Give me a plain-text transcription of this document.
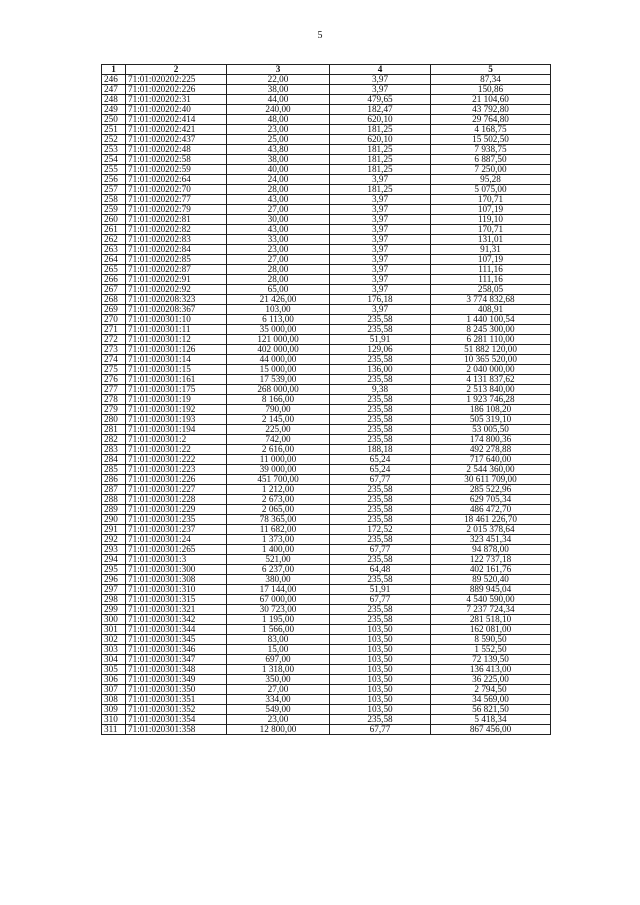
5
1	2	3	4	5
246	71:01:020202:225	22,00	3,97	87,34
247	71:01:020202:226	38,00	3,97	150,86
248	71:01:020202:31	44,00	479,65	21 104,60
249	71:01:020202:40	240,00	182,47	43 792,80
250	71:01:020202:414	48,00	620,10	29 764,80
251	71:01:020202:421	23,00	181,25	4 168,75
252	71:01:020202:437	25,00	620,10	15 502,50
253	71:01:020202:48	43,80	181,25	7 938,75
254	71:01:020202:58	38,00	181,25	6 887,50
255	71:01:020202:59	40,00	181,25	7 250,00
256	71:01:020202:64	24,00	3,97	95,28
257	71:01:020202:70	28,00	181,25	5 075,00
258	71:01:020202:77	43,00	3,97	170,71
259	71:01:020202:79	27,00	3,97	107,19
260	71:01:020202:81	30,00	3,97	119,10
261	71:01:020202:82	43,00	3,97	170,71
262	71:01:020202:83	33,00	3,97	131,01
263	71:01:020202:84	23,00	3,97	91,31
264	71:01:020202:85	27,00	3,97	107,19
265	71:01:020202:87	28,00	3,97	111,16
266	71:01:020202:91	28,00	3,97	111,16
267	71:01:020202:92	65,00	3,97	258,05
268	71:01:020208:323	21 426,00	176,18	3 774 832,68
269	71:01:020208:367	103,00	3,97	408,91
270	71:01:020301:10	6 113,00	235,58	1 440 100,54
271	71:01:020301:11	35 000,00	235,58	8 245 300,00
272	71:01:020301:12	121 000,00	51,91	6 281 110,00
273	71:01:020301:126	402 000,00	129,06	51 882 120,00
274	71:01:020301:14	44 000,00	235,58	10 365 520,00
275	71:01:020301:15	15 000,00	136,00	2 040 000,00
276	71:01:020301:161	17 539,00	235,58	4 131 837,62
277	71:01:020301:175	268 000,00	9,38	2 513 840,00
278	71:01:020301:19	8 166,00	235,58	1 923 746,28
279	71:01:020301:192	790,00	235,58	186 108,20
280	71:01:020301:193	2 145,00	235,58	505 319,10
281	71:01:020301:194	225,00	235,58	53 005,50
282	71:01:020301:2	742,00	235,58	174 800,36
283	71:01:020301:22	2 616,00	188,18	492 278,88
284	71:01:020301:222	11 000,00	65,24	717 640,00
285	71:01:020301:223	39 000,00	65,24	2 544 360,00
286	71:01:020301:226	451 700,00	67,77	30 611 709,00
287	71:01:020301:227	1 212,00	235,58	285 522,96
288	71:01:020301:228	2 673,00	235,58	629 705,34
289	71:01:020301:229	2 065,00	235,58	486 472,70
290	71:01:020301:235	78 365,00	235,58	18 461 226,70
291	71:01:020301:237	11 682,00	172,52	2 015 378,64
292	71:01:020301:24	1 373,00	235,58	323 451,34
293	71:01:020301:265	1 400,00	67,77	94 878,00
294	71:01:020301:3	521,00	235,58	122 737,18
295	71:01:020301:300	6 237,00	64,48	402 161,76
296	71:01:020301:308	380,00	235,58	89 520,40
297	71:01:020301:310	17 144,00	51,91	889 945,04
298	71:01:020301:315	67 000,00	67,77	4 540 590,00
299	71:01:020301:321	30 723,00	235,58	7 237 724,34
300	71:01:020301:342	1 195,00	235,58	281 518,10
301	71:01:020301:344	1 566,00	103,50	162 081,00
302	71:01:020301:345	83,00	103,50	8 590,50
303	71:01:020301:346	15,00	103,50	1 552,50
304	71:01:020301:347	697,00	103,50	72 139,50
305	71:01:020301:348	1 318,00	103,50	136 413,00
306	71:01:020301:349	350,00	103,50	36 225,00
307	71:01:020301:350	27,00	103,50	2 794,50
308	71:01:020301:351	334,00	103,50	34 569,00
309	71:01:020301:352	549,00	103,50	56 821,50
310	71:01:020301:354	23,00	235,58	5 418,34
311	71:01:020301:358	12 800,00	67,77	867 456,00
